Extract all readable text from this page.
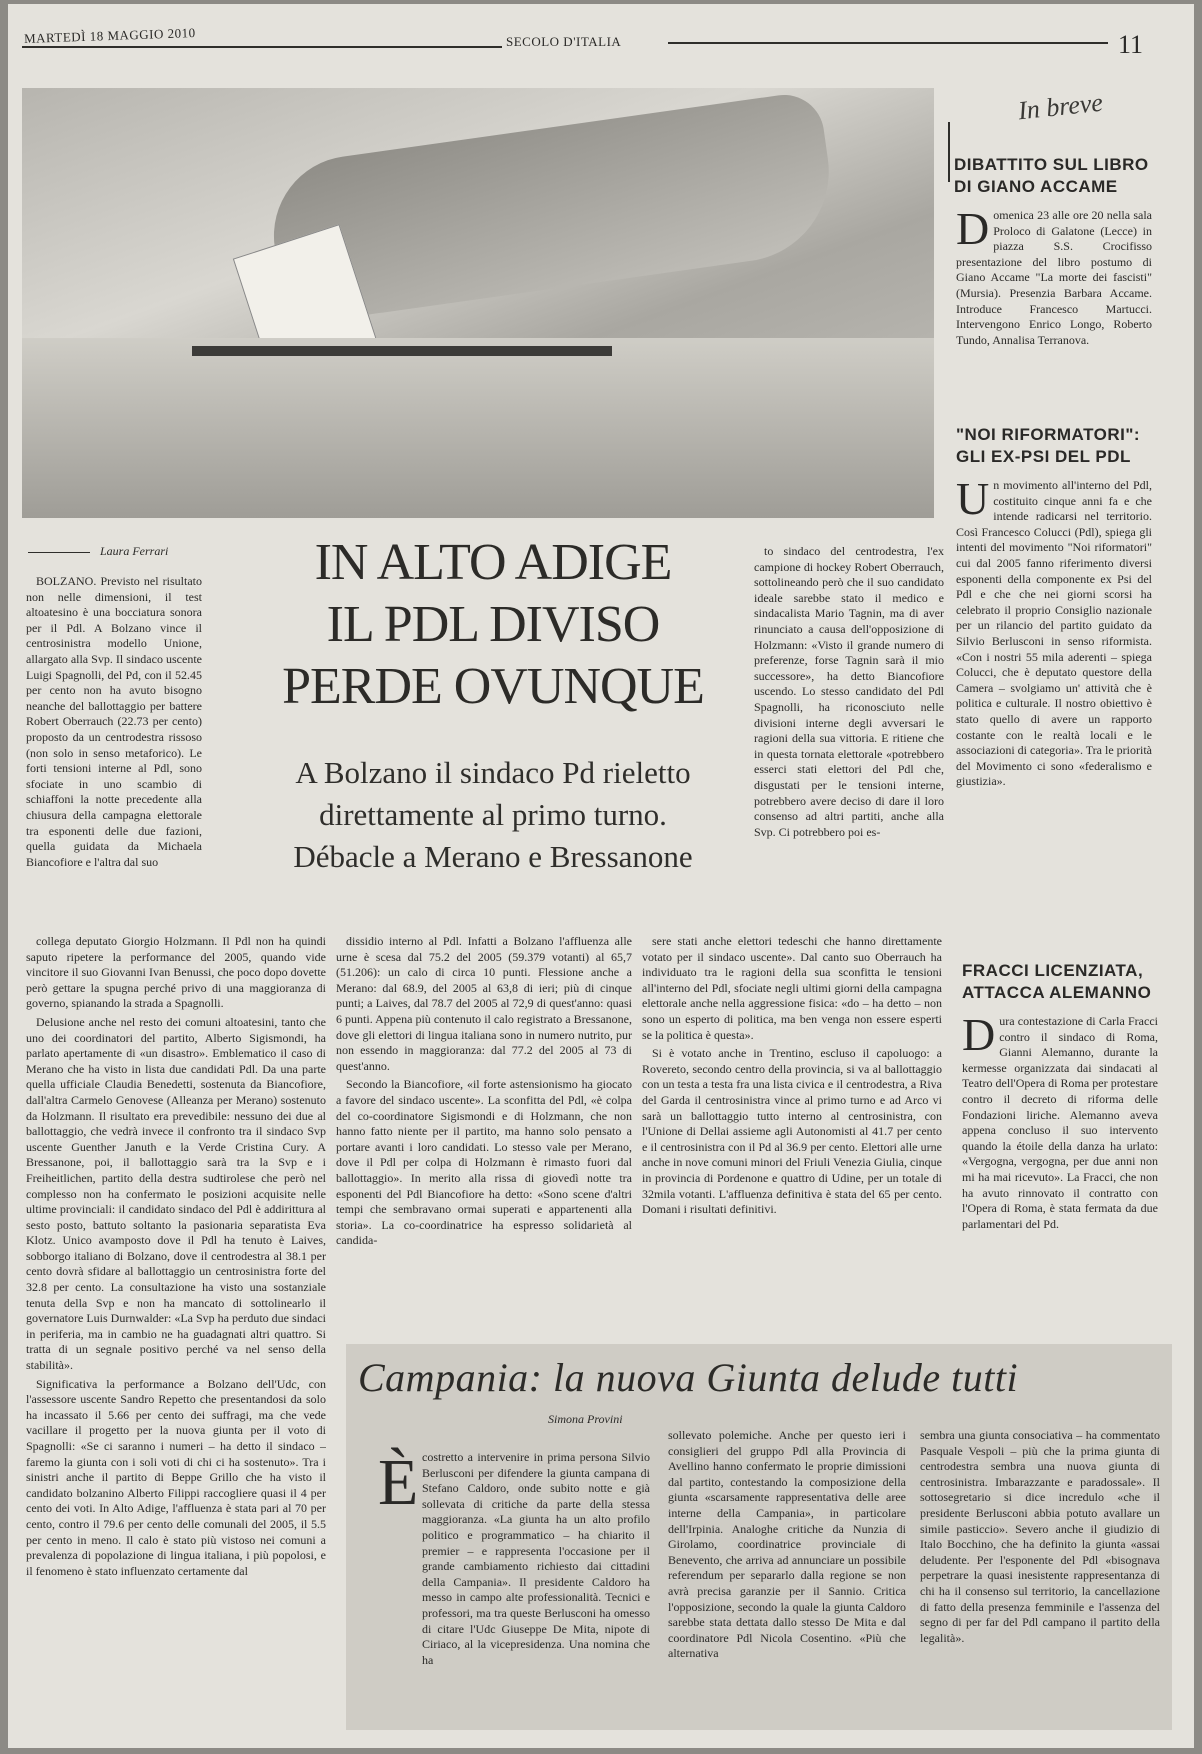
MARTEDÌ 18 MAGGIO 2010	SECOLO D'ITALIA	11
Laura Ferrari	IN ALTO ADIGE
IL PDL DIVISO
PERDE OVUNQUE
A Bolzano il sindaco Pd rieletto
direttamente al primo turno.
Débacle a Merano e Bressanone

BOLZANO. Previsto nel risultato non nelle dimensioni, il test altoatesino è una bocciatura sonora per il Pdl. A Bolzano vince il centrosinistra modello Unione, allargato alla Svp. Il sindaco uscente Luigi Spagnolli, del Pd, con il 52.45 per cento non ha avuto bisogno neanche del ballottaggio per battere Robert Oberrauch (22.73 per cento) proposto da un centrodestra rissoso (non solo in senso metaforico). Le forti tensioni interne al Pdl, sono sfociate in uno scambio di schiaffoni la notte precedente alla chiusura della campagna elettorale tra esponenti delle due fazioni, quella guidata da Michaela Biancofiore e l'altra dal suo

collega deputato Giorgio Holzmann. Il Pdl non ha quindi saputo ripetere la performance del 2005, quando vide vincitore il suo Giovanni Ivan Benussi, che poco dopo dovette però gettare la spugna perché privo di una maggioranza di governo, spianando la strada a Spagnolli.

Delusione anche nel resto dei comuni altoatesini, tanto che uno dei coordinatori del partito, Alberto Sigismondi, ha parlato apertamente di «un disastro». Emblematico il caso di Merano che ha visto in lista due candidati Pdl. Da una parte quella ufficiale Claudia Benedetti, sostenuta da Biancofiore, dall'altra Carmelo Genovese (Alleanza per Merano) sostenuto da Holzmann. Il risultato era prevedibile: nessuno dei due al ballottaggio, che vedrà invece il confronto tra il sindaco Svp uscente Guenther Januth e la Verde Cristina Cury. A Bressanone, poi, il ballottaggio sarà tra la Svp e i Freiheitlichen, partito della destra sudtirolese che però nel complesso non ha confermato le posizioni acquisite nelle ultime provinciali: il candidato sindaco del Pdl è addirittura al sesto posto, battuto soltanto la pasionaria separatista Eva Klotz. Unico avamposto dove il Pdl ha tenuto è Laives, sobborgo italiano di Bolzano, dove il centrodestra al 38.1 per cento dovrà sfidare al ballottaggio un centrosinistra forte del 32.8 per cento. La consultazione ha visto una sostanziale tenuta della Svp e non ha mancato di sottolinearlo il governatore Luis Durnwalder: «La Svp ha perduto due sindaci in periferia, ma in cambio ne ha guadagnati altri quattro. Si tratta di un segnale positivo perché va nel senso della stabilità».

Significativa la performance a Bolzano dell'Udc, con l'assessore uscente Sandro Repetto che presentandosi da solo ha incassato il 5.66 per cento dei suffragi, ma che vede vacillare il progetto per la nuova giunta per il voto di Spagnolli: «Se ci saranno i numeri – ha detto il sindaco – faremo la giunta con i soli voti di chi ci ha sostenuto». Tra i sinistri anche il partito di Beppe Grillo che ha visto il candidato bolzanino Alberto Filippi raccogliere quasi il 4 per cento dei voti. In Alto Adige, l'affluenza è stata pari al 70 per cento, contro il 79.6 per cento delle comunali del 2005, il 5.5 per cento in meno. Il calo è stato più vistoso nei comuni a prevalenza di popolazione di lingua italiana, i più popolosi, e il fenomeno è stato influenzato certamente dal

dissidio interno al Pdl. Infatti a Bolzano l'affluenza alle urne è scesa dal 75.2 del 2005 (59.379 votanti) al 65,7 (51.206): un calo di circa 10 punti. Flessione anche a Merano: dal 68.9, del 2005 al 63,8 di ieri; più di cinque punti; a Laives, dal 78.7 del 2005 al 72,9 di quest'anno: quasi 6 punti. Appena più contenuto il calo registrato a Bressanone, dove gli elettori di lingua italiana sono in numero nutrito, pur non essendo in maggioranza: dal 77.2 del 2005 al 73 di quest'anno.

Secondo la Biancofiore, «il forte astensionismo ha giocato a favore del sindaco uscente». La sconfitta del Pdl, «è colpa del co-coordinatore Sigismondi e di Holzmann, che non hanno fatto niente per il partito, ma hanno solo pensato a portare avanti i loro candidati. Lo stesso vale per Merano, dove il Pdl per colpa di Holzmann è rimasto fuori dal ballottaggio». In merito alla rissa di giovedì notte tra esponenti del Pdl Biancofiore ha detto: «Sono scene d'altri tempi che sembravano ormai superati e appartenenti alla storia». La co-coordinatrice ha espresso solidarietà al candida-

to sindaco del centrodestra, l'ex campione di hockey Robert Oberrauch, sottolineando però che il suo candidato ideale sarebbe stato il medico e sindacalista Mario Tagnin, ma di aver rinunciato a causa dell'opposizione di Holzmann: «Visto il grande numero di preferenze, forse Tagnin sarà il mio successore», ha detto Biancofiore uscendo. Lo stesso candidato del Pdl Spagnolli, ha riconosciuto nelle divisioni interne degli avversari le ragioni della sua vittoria. E ritiene che in questa tornata elettorale «potrebbero esserci stati elettori del Pdl che, disgustati per le tensioni interne, potrebbero avere deciso di dare il loro consenso ad altri partiti, anche alla Svp. Ci potrebbero poi es-

sere stati anche elettori tedeschi che hanno direttamente votato per il sindaco uscente». Dal canto suo Oberrauch ha individuato tra le ragioni della sua sconfitta le tensioni all'interno del Pdl, sfociate negli ultimi giorni della campagna elettorale anche nella aggressione fisica: «do – ha detto – non sono un esperto di politica, ma ben venga non essere esperti se la politica è questa».

Si è votato anche in Trentino, escluso il capoluogo: a Rovereto, secondo centro della provincia, si va al ballottaggio con un testa a testa fra una lista civica e il centrodestra, a Riva del Garda il centrosinistra vince al primo turno e ad Arco vi sarà un ballottaggio tutto interno al centrosinistra, con l'Unione di Dellai assieme agli Autonomisti al 41.7 per cento e il centrosinistra con il Pd al 36.9 per cento. Elettori alle urne anche in nove comuni minori del Friuli Venezia Giulia, cinque in provincia di Pordenone e quattro di Udine, per un totale di 32mila votanti. L'affluenza definitiva è stata del 65 per cento. Domani i risultati definitivi.

In breve
DIBATTITO SUL LIBRO
DI GIANO ACCAME
Domenica 23 alle ore 20 nella sala Proloco di Galatone (Lecce) in piazza S.S. Crocifisso presentazione del libro postumo di Giano Accame "La morte dei fascisti" (Mursia). Presenzia Barbara Accame. Introduce Francesco Martucci. Intervengono Enrico Longo, Roberto Tundo, Annalisa Terranova.
"NOI RIFORMATORI":
GLI EX-PSI DEL PDL
Un movimento all'interno del Pdl, costituito cinque anni fa e che intende radicarsi nel territorio. Così Francesco Colucci (Pdl), spiega gli intenti del movimento "Noi riformatori" cui dal 2005 fanno riferimento diversi esponenti della componente ex Psi del Pdl e che che nei giorni scorsi ha celebrato il proprio Consiglio nazionale per un rilancio del partito guidato da Silvio Berlusconi in senso riformista. «Con i nostri 55 mila aderenti – spiega Colucci, che è deputato questore della Camera – svolgiamo un' attività che è politica e culturale. Il nostro obiettivo è stato quello di avere un rapporto costante con le realtà locali e le associazioni di categoria». Tra le priorità del Movimento ci sono «federalismo e giustizia».
FRACCI LICENZIATA,
ATTACCA ALEMANNO
Dura contestazione di Carla Fracci contro il sindaco di Roma, Gianni Alemanno, durante la kermesse organizzata dai sindacati al Teatro dell'Opera di Roma per protestare contro il decreto di riforma delle Fondazioni liriche. Alemanno aveva appena concluso il suo intervento quando la étoile della danza ha urlato: «Vergogna, vergogna, per due anni non mi ha mai ricevuto». La Fracci, che non ha avuto rinnovato il contratto con l'Opera di Roma, è stata fermata da due parlamentari del Pd.
Campania: la nuova Giunta delude tutti
Simona Provini
È costretto a intervenire in prima persona Silvio Berlusconi per difendere la giunta campana di Stefano Caldoro, onde subito notte e già sollevata di critiche da parte della stessa maggioranza. «La giunta ha un alto profilo politico e programmatico – ha chiarito il premier – e rappresenta l'occasione per il grande cambiamento richiesto dai cittadini della Campania». Il presidente Caldoro ha messo in campo alte professionalità. Tecnici e professori, ma tra queste Berlusconi ha omesso di citare l'Udc Giuseppe De Mita, nipote di Ciriaco, al la vicepresidenza. Una nomina che ha
sollevato polemiche. Anche per questo ieri i consiglieri del gruppo Pdl alla Provincia di Avellino hanno confermato le proprie dimissioni dal partito, contestando la composizione della giunta «scarsamente rappresentativa delle aree interne della Campania», in particolare dell'Irpinia. Analoghe critiche da Nunzia di Girolamo, coordinatrice provinciale di Benevento, che arriva ad annunciare un possibile referendum per separarlo dalla regione se non avrà precisa garanzie per il Sannio. Critica l'opposizione, secondo la quale la giunta Caldoro sarebbe stata dettata dallo stesso De Mita e dal coordinatore Pdl Nicola Cosentino. «Più che alternativa
sembra una giunta consociativa – ha commentato Pasquale Vespoli – più che la prima giunta di centrodestra sembra una nuova giunta di centrosinistra. Imbarazzante e paradossale». Il sottosegretario si dice incredulo «che il presidente Berlusconi abbia potuto avallare un simile pasticcio». Severo anche il giudizio di Italo Bocchino, che ha definito la giunta «assai deludente. Per l'esponente del Pdl «bisognava perpetrare la quasi inesistente rappresentanza di chi ha il consenso sul territorio, la cancellazione di fatto della presenza femminile e l'assenza del segno di per far del Pdl campano il partito della legalità».
